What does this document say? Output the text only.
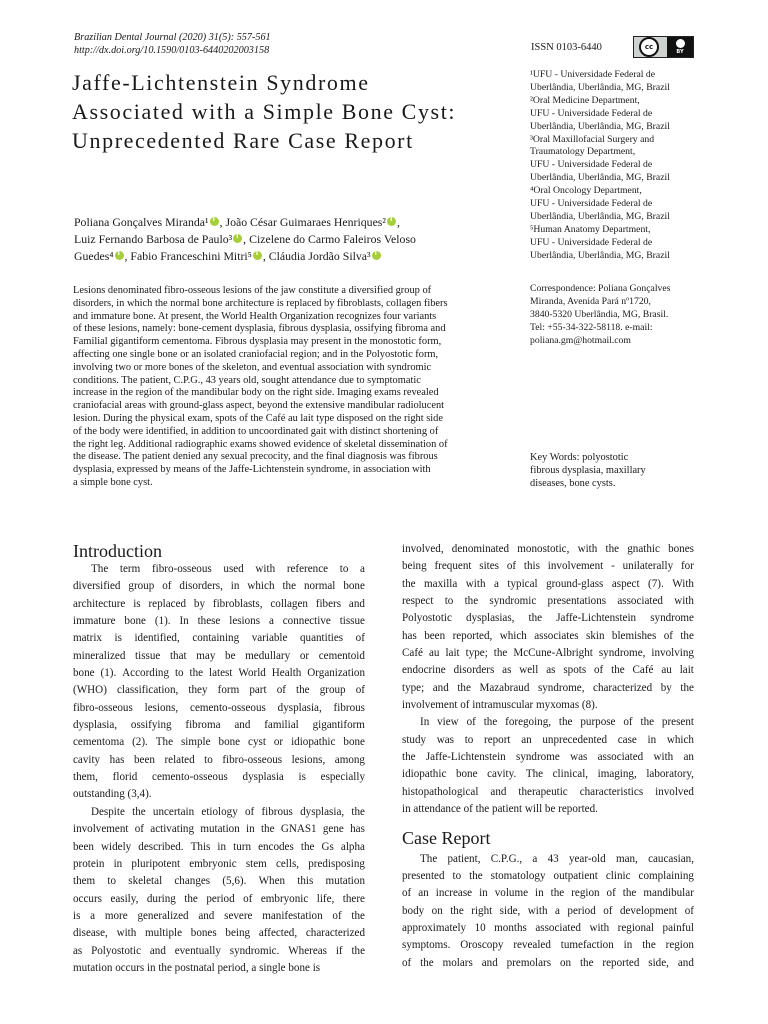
Brazilian Dental Journal (2020) 31(5): 557-561
http://dx.doi.org/10.1590/0103-6440202003158	ISSN 0103-6440	cc
BY
Jaffe-Lichtenstein Syndrome
Associated with a Simple Bone Cyst:
Unprecedented Rare Case Report
Poliana Gonçalves Miranda¹ i , João César Guimaraes Henriques² i ,
Luiz Fernando Barbosa de Paulo³ i , Cizelene do Carmo Faleiros Veloso
Guedes⁴ i , Fabio Franceschini Mitri⁵ i , Cláudia Jordão Silva³i
¹UFU - Universidade Federal de
Uberlândia, Uberlândia, MG, Brazil
²Oral Medicine Department,
UFU - Universidade Federal de
Uberlândia, Uberlândia, MG, Brazil
³Oral Maxillofacial Surgery and
Traumatology Department,
UFU - Universidade Federal de
Uberlândia, Uberlândia, MG, Brazil
⁴Oral Oncology Department,
UFU - Universidade Federal de
Uberlândia, Uberlândia, MG, Brazil
⁵Human Anatomy Department,
UFU - Universidade Federal de
Uberlândia, Uberlândia, MG, Brazil
Correspondence: Poliana Gonçalves
Miranda, Avenida Pará nº1720,
3840-5320 Uberlândia, MG, Brasil.
Tel: +55-34-322-58118. e-mail:
poliana.gm@hotmail.com
Key Words: polyostotic
fibrous dysplasia, maxillary
diseases, bone cysts.
Lesions denominated fibro-osseous lesions of the jaw constitute a diversified group of
disorders, in which the normal bone architecture is replaced by fibroblasts, collagen fibers
and immature bone. At present, the World Health Organization recognizes four variants
of these lesions, namely: bone-cement dysplasia, fibrous dysplasia, ossifying fibroma and
Familial gigantiform cementoma. Fibrous dysplasia may present in the monostotic form,
affecting one single bone or an isolated craniofacial region; and in the Polyostotic form,
involving two or more bones of the skeleton, and eventual association with syndromic
conditions. The patient, C.P.G., 43 years old, sought attendance due to symptomatic
increase in the region of the mandibular body on the right side. Imaging exams revealed
craniofacial areas with ground-glass aspect, beyond the extensive mandibular radiolucent
lesion. During the physical exam, spots of the Café au lait type disposed on the right side
of the body were identified, in addition to uncoordinated gait with distinct shortening of
the right leg. Additional radiographic exams showed evidence of skeletal dissemination of
the disease. The patient denied any sexual precocity, and the final diagnosis was fibrous
dysplasia, expressed by means of the Jaffe-Lichtenstein syndrome, in association with
a simple bone cyst.
Introduction
The term fibro-osseous used with reference to a
diversified group of disorders, in which the normal bone
architecture is replaced by fibroblasts, collagen fibers and
immature bone (1). In these lesions a connective tissue
matrix is identified, containing variable quantities of
mineralized tissue that may be medullary or cementoid
bone (1). According to the latest World Health Organization
(WHO) classification, they form part of the group of
fibro-osseous lesions, cemento-osseous dysplasia, fibrous
dysplasia, ossifying fibroma and familial gigantiform
cementoma (2). The simple bone cyst or idiopathic bone
cavity has been related to fibro-osseous lesions, among
them, florid cemento-osseous dysplasia is especially
outstanding (3,4).
Despite the uncertain etiology of fibrous dysplasia, the
involvement of activating mutation in the GNAS1 gene has
been widely described. This in turn encodes the Gs alpha
protein in pluripotent embryonic stem cells, predisposing
them to skeletal changes (5,6). When this mutation
occurs easily, during the period of embryonic life, there
is a more generalized and severe manifestation of the
disease, with multiple bones being affected, characterized
as Polyostotic and eventually syndromic. Whereas if the
mutation occurs in the postnatal period, a single bone is
involved, denominated monostotic, with the gnathic bones
being frequent sites of this involvement - unilaterally for
the maxilla with a typical ground-glass aspect (7). With
respect to the syndromic presentations associated with
Polyostotic dysplasias, the Jaffe-Lichtenstein syndrome
has been reported, which associates skin blemishes of the
Café au lait type; the McCune-Albright syndrome, involving
endocrine disorders as well as spots of the Café au lait
type; and the Mazabraud syndrome, characterized by the
involvement of intramuscular myxomas (8).
In view of the foregoing, the purpose of the present
study was to report an unprecedented case in which
the Jaffe-Lichtenstein syndrome was associated with an
idiopathic bone cavity. The clinical, imaging, laboratory,
histopathological and therapeutic characteristics involved
in attendance of the patient will be reported.
Case Report
The patient, C.P.G., a 43 year-old man, caucasian,
presented to the stomatology outpatient clinic complaining
of an increase in volume in the region of the mandibular
body on the right side, with a period of development of
approximately 10 months associated with regional painful
symptoms. Oroscopy revealed tumefaction in the region
of the molars and premolars on the reported side, and
